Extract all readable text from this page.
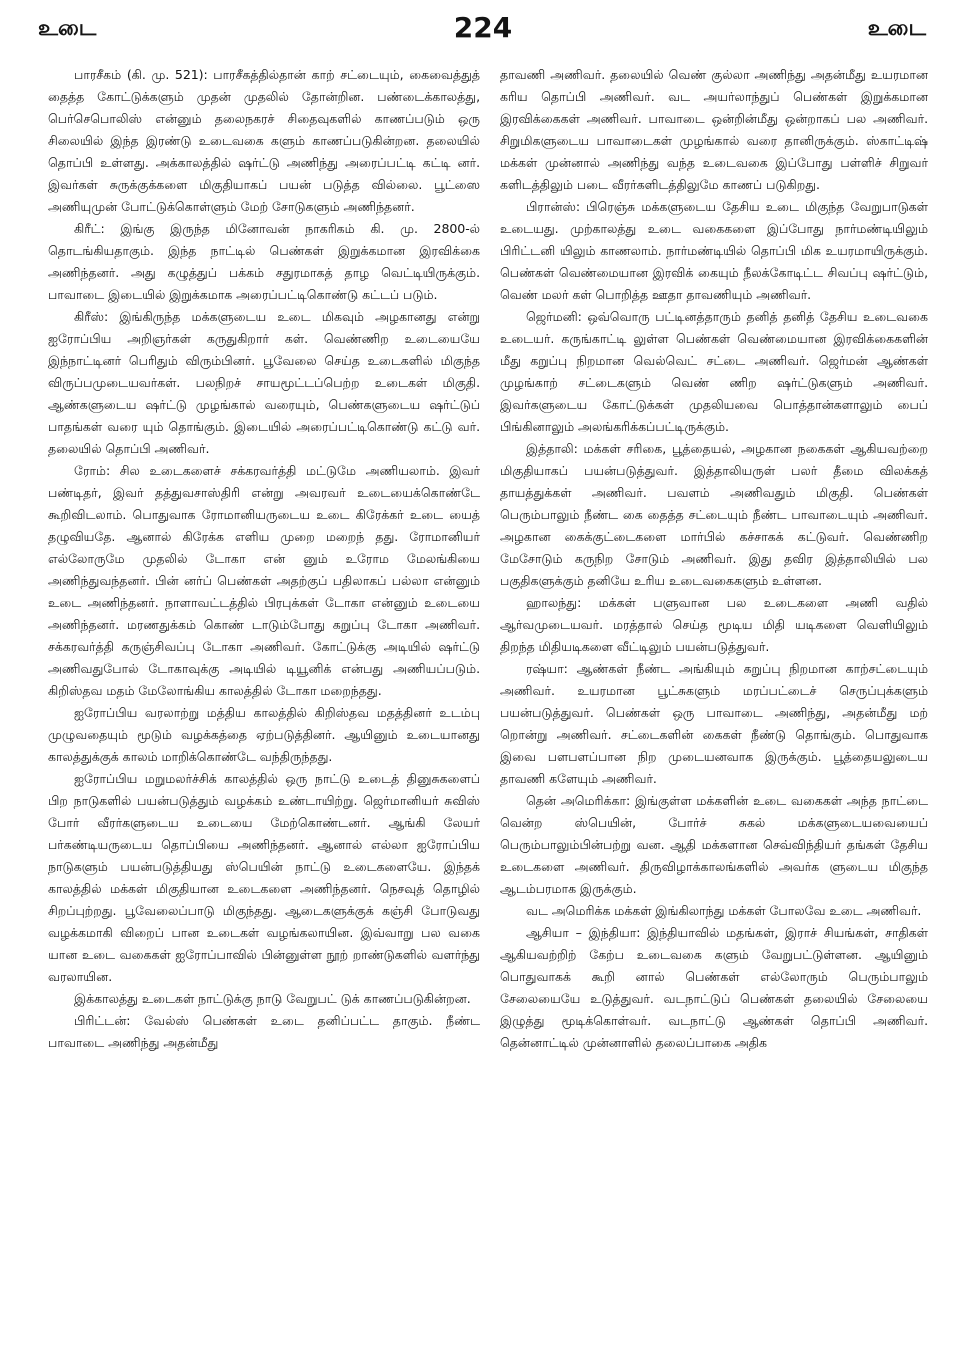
உடை	224	உடை

பாரசீகம் (கி. மு. 521): பாரசீகத்தில்தான் காற் சட்டையும், கைவைத்துத் தைத்த கோட்டுக்களும் முதன் முதலில் தோன்றின. பண்டைக்காலத்து, பெர்செபொலிஸ் என்னும் தலைநகரச் சிதைவுகளில் காணப்படும் ஒரு சிலையில் இந்த இரண்டு உடைவகை களும் காணப்படுகின்றன. தலையில் தொப்பி உள்ளது. அக்காலத்தில் ஷர்ட்டு அணிந்து அரைப்பட்டி கட்டி னர். இவர்கள் சுருக்குக்களை மிகுதியாகப் பயன் படுத்த வில்லை. பூட்ஸை அணியுமுன் போட்டுக்கொள்ளும் மேற் சோடுகளும் அணிந்தனர்.

கிரீட்: இங்கு இருந்த மினோவன் நாகரிகம் கி. மு. 2800-ல் தொடங்கியதாகும். இந்த நாட்டில் பெண்கள் இறுக்கமான இரவிக்கை அணிந்தனர். அது கழுத்துப் பக்கம் சதுரமாகத் தாழ வெட்டியிருக்கும். பாவாடை இடையில் இறுக்கமாக அரைப்பட்டிகொண்டு கட்டப் படும்.

கிரீஸ்: இங்கிருந்த மக்களுடைய உடை மிகவும் அழகானது என்று ஐரோப்பிய அறிஞர்கள் கருதுகிறார் கள். வெண்ணிற உடையையே இந்நாட்டினர் பெரிதும் விரும்பினர். பூவேலை செய்த உடைகளில் மிகுந்த விருப்பமுடையவர்கள். பலநிறச் சாயமூட்டப்பெற்ற உடைகள் மிகுதி. ஆண்களுடைய ஷர்ட்டு முழங்கால் வரையும், பெண்களுடைய ஷர்ட்டுப் பாதங்கள் வரை யும் தொங்கும். இடையில் அரைப்பட்டிகொண்டு கட்டு வர். தலையில் தொப்பி அணிவர்.

ரோம்: சில உடைகளைச் சக்கரவர்த்தி மட்டுமே அணியலாம். இவர் பண்டிதர், இவர் தத்துவசாஸ்திரி என்று அவரவர் உடையைக்கொண்டே கூறிவிடலாம். பொதுவாக ரோமானியருடைய உடை கிரேக்கர் உடை யைத் தழுவியதே. ஆனால் கிரேக்க எளிய முறை மறைந் தது. ரோமானியர் எல்லோருமே முதலில் டோகா என் னும் உரோம மேலங்கியை அணிந்துவந்தனர். பின் னர்ப் பெண்கள் அதற்குப் பதிலாகப் பல்லா என்னும் உடை அணிந்தனர். நாளாவட்டத்தில் பிரபுக்கள் டோகா என்னும் உடையை அணிந்தனர். மரணதுக்கம் கொண் டாடும்போது கறுப்பு டோகா அணிவர். சக்கரவர்த்தி கருஞ்சிவப்பு டோகா அணிவர். கோட்டுக்கு அடியில் ஷர்ட்டு அணிவதுபோல் டோகாவுக்கு அடியில் டியூனிக் என்பது அணியப்படும். கிறிஸ்தவ மதம் மேலோங்கிய காலத்தில் டோகா மறைந்தது.

ஐரோப்பிய வரலாற்று மத்திய காலத்தில் கிறிஸ்தவ மதத்தினர் உடம்பு முழுவதையும் மூடும் வழக்கத்தை ஏற்படுத்தினர். ஆயினும் உடையானது காலத்துக்குக் காலம் மாறிக்கொண்டே வந்திருந்தது.

ஐரோப்பிய மறுமலர்ச்சிக் காலத்தில் ஒரு நாட்டு உடைத் தினுசுகளைப் பிற நாடுகளில் பயன்படுத்தும் வழக்கம் உண்டாயிற்று. ஜெர்மானியர் சுவிஸ் போர் வீரர்களுடைய உடையை மேற்கொண்டனர். ஆங்கி லேயர் பர்கண்டியருடைய தொப்பியை அணிந்தனர். ஆனால் எல்லா ஐரோப்பிய நாடுகளும் பயன்படுத்தியது ஸ்பெயின் நாட்டு உடைகளையே. இந்தக் காலத்தில் மக்கள் மிகுதியான உடைகளை அணிந்தனர். நெசவுத் தொழில் சிறப்புற்றது. பூவேலைப்பாடு மிகுந்தது. ஆடைகளுக்குக் கஞ்சி போடுவது வழக்கமாகி விறைப் பான உடைகள் வழங்கலாயின. இவ்வாறு பல வகை யான உடை வகைகள் ஐரோப்பாவில் பின்னுள்ள நூற் றாண்டுகளில் வளர்ந்து வரலாயின.

இக்காலத்து உடைகள் நாட்டுக்கு நாடு வேறுபட் டுக் காணப்படுகின்றன.

பிரிட்டன்: வேல்ஸ் பெண்கள் உடை தனிப்பட்ட தாகும். நீண்ட பாவாடை அணிந்து அதன்மீது

தாவணி அணிவர். தலையில் வெண் குல்லா அணிந்து அதன்மீது உயரமான கரிய தொப்பி அணிவர். வட அயர்லாந்துப் பெண்கள் இறுக்கமான இரவிக்கைகள் அணிவர். பாவாடை ஒன்றின்மீது ஒன்றாகப் பல அணிவர். சிறுமிகளுடைய பாவாடைகள் முழங்கால் வரை தானிருக்கும். ஸ்காட்டிஷ் மக்கள் முன்னால் அணிந்து வந்த உடைவகை இப்போது பள்ளிச் சிறுவர் களிடத்திலும் படை வீரர்களிடத்திலுமே காணப் படுகிறது.

பிரான்ஸ்: பிரெஞ்சு மக்களுடைய தேசிய உடை மிகுந்த வேறுபாடுகள் உடையது. முற்காலத்து உடை வகைகளை இப்போது நார்மண்டியிலும் பிரிட்டனி யிலும் காணலாம். நார்மண்டியில் தொப்பி மிக உயரமாயிருக்கும். பெண்கள் வெண்மையான இரவிக் கையும் நீலக்கோடிட்ட சிவப்பு ஷர்ட்டும், வெண் மலர் கள் பொறித்த ஊதா தாவணியும் அணிவர்.

ஜெர்மனி: ஒவ்வொரு பட்டினத்தாரும் தனித் தனித் தேசிய உடைவகை உடையர். கருங்காட்டி லுள்ள பெண்கள் வெண்மையான இரவிக்கைகளின் மீது கறுப்பு நிறமான வெல்வெட் சட்டை அணிவர். ஜெர்மன் ஆண்கள் முழங்காற் சட்டைகளும் வெண் ணிற ஷர்ட்டுகளும் அணிவர். இவர்களுடைய கோட்டுக்கள் முதலியவை பொத்தான்களாலும் பைப் பிங்கினாலும் அலங்கரிக்கப்பட்டிருக்கும்.

இத்தாலி: மக்கள் சரிகை, பூத்தையல், அழகான நகைகள் ஆகியவற்றை மிகுதியாகப் பயன்படுத்துவர். இத்தாலியருள் பலர் தீமை விலக்கத் தாயத்துக்கள் அணிவர். பவளம் அணிவதும் மிகுதி. பெண்கள் பெரும்பாலும் நீண்ட கை தைத்த சட்டையும் நீண்ட பாவாடையும் அணிவர். அழகான கைக்குட்டைகளை மார்பில் கச்சாகக் கட்டுவர். வெண்ணிற மேசோடும் கருநிற சோடும் அணிவர். இது தவிர இத்தாலியில் பல பகுதிகளுக்கும் தனியே உரிய உடைவகைகளும் உள்ளன.

ஹாலந்து: மக்கள் பளுவான பல உடைகளை அணி வதில் ஆர்வமுடையவர். மரத்தால் செய்த மூடிய மிதி யடிகளை வெளியிலும் திறந்த மிதியடிகளை வீட்டிலும் பயன்படுத்துவர்.

ரஷ்யா: ஆண்கள் நீண்ட அங்கியும் கறுப்பு நிறமான காற்சட்டையும் அணிவர். உயரமான பூட்சுகளும் மரப்பட்டைச் செருப்புக்களும் பயன்படுத்துவர். பெண்கள் ஒரு பாவாடை அணிந்து, அதன்மீது மற் றொன்று அணிவர். சட்டைகளின் கைகள் நீண்டு தொங்கும். பொதுவாக இவை பளபளப்பான நிற முடையனவாக இருக்கும். பூத்தையலுடைய தாவணி களேயும் அணிவர்.

தென் அமெரிக்கா: இங்குள்ள மக்களின் உடை வகைகள் அந்த நாட்டை வென்ற ஸ்பெயின், போர்ச் சுகல் மக்களுடையவையைப் பெரும்பாலும்பின்பற்று வன. ஆதி மக்களான செவ்விந்தியர் தங்கள் தேசிய உடைகளை அணிவர். திருவிழாக்காலங்களில் அவர்க ளுடைய மிகுந்த ஆடம்பரமாக இருக்கும்.

வட அமெரிக்க மக்கள் இங்கிலாந்து மக்கள் போலவே உடை அணிவர்.

ஆசியா – இந்தியா: இந்தியாவில் மதங்கள், இராச் சியங்கள், சாதிகள் ஆகியவற்றிற் கேற்ப உடைவகை களும் வேறுபட்டுள்ளன. ஆயினும் பொதுவாகக் கூறி னால் பெண்கள் எல்லோரும் பெரும்பாலும் சேலையையே உடுத்துவர். வடநாட்டுப் பெண்கள் தலையில் சேலையை இழுத்து மூடிக்கொள்வர். வடநாட்டு ஆண்கள் தொப்பி அணிவர். தென்னாட்டில் முன்னாளில் தலைப்பாகை அதிக
